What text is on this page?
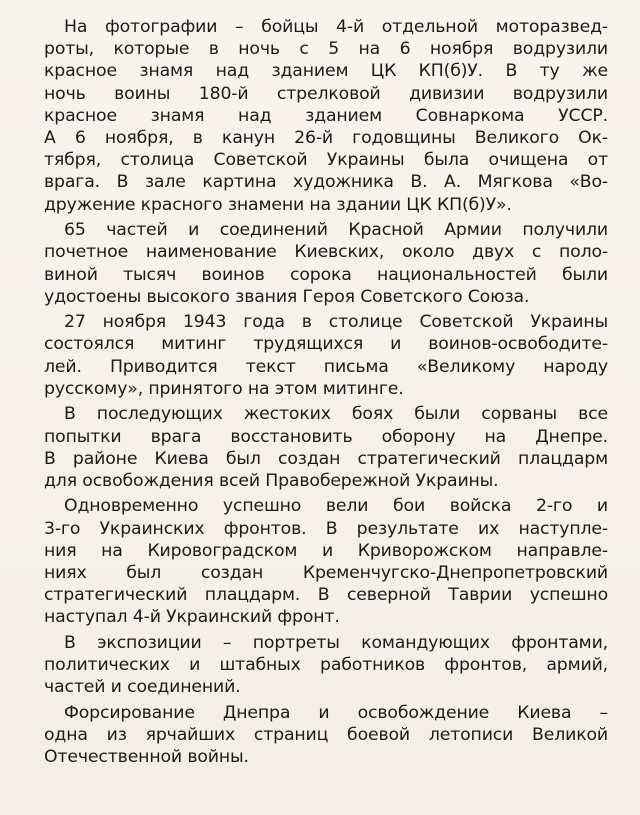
На фотографии – бойцы 4-й отдельной моторазвед-
роты, которые в ночь с 5 на 6 ноября водрузили
красное знамя над зданием ЦК КП(б)У. В ту же
ночь воины 180-й стрелковой дивизии водрузили
красное знамя над зданием Совнаркома УССР.
А 6 ноября, в канун 26-й годовщины Великого Ок-
тября, столица Советской Украины была очищена от
врага. В зале картина художника В. А. Мягкова «Во-
дружение красного знамени на здании ЦК КП(б)У».

65 частей и соединений Красной Армии получили
почетное наименование Киевских, около двух с поло-
виной тысяч воинов сорока национальностей были
удостоены высокого звания Героя Советского Союза.

27 ноября 1943 года в столице Советской Украины
состоялся митинг трудящихся и воинов-освободите-
лей. Приводится текст письма «Великому народу
русскому», принятого на этом митинге.

В последующих жестоких боях были сорваны все
попытки врага восстановить оборону на Днепре.
В районе Киева был создан стратегический плацдарм
для освобождения всей Правобережной Украины.

Одновременно успешно вели бои войска 2-го и
3-го Украинских фронтов. В результате их наступле-
ния на Кировоградском и Криворожском направле-
ниях был создан Кременчугско-Днепропетровский
стратегический плацдарм. В северной Таврии успешно
наступал 4-й Украинский фронт.

В экспозиции – портреты командующих фронтами,
политических и штабных работников фронтов, армий,
частей и соединений.

Форсирование Днепра и освобождение Киева –
одна из ярчайших страниц боевой летописи Великой
Отечественной войны.
